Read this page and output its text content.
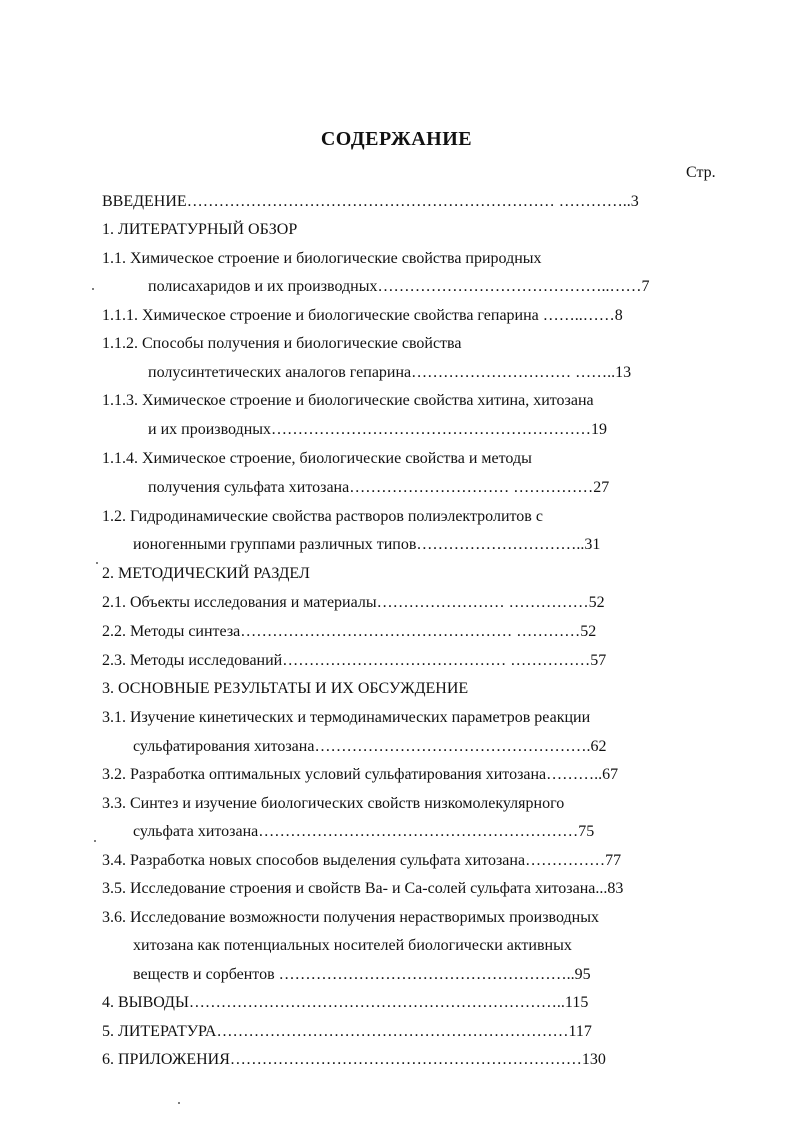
СОДЕРЖАНИЕ
Стр.
ВВЕДЕНИЕ…………………………………………………………… …………..3
1. ЛИТЕРАТУРНЫЙ ОБЗОР
1.1. Химическое строение и биологические свойства природных
полисахаридов и их производных……………………………………..……7
1.1.1. Химическое строение и биологические свойства гепарина ……..……8
1.1.2. Способы получения и биологические свойства
полусинтетических аналогов гепарина………………………… ……..13
1.1.3. Химическое строение и биологические свойства хитина, хитозана
и их производных……………………………………………………19
1.1.4. Химическое строение, биологические свойства и методы
получения сульфата хитозана………………………… ……………27
1.2. Гидродинамические свойства растворов полиэлектролитов с
ионогенными группами различных типов…………………………..31
2. МЕТОДИЧЕСКИЙ РАЗДЕЛ
2.1. Объекты исследования и материалы…………………… ……………52
2.2. Методы синтеза…………………………………………… …………52
2.3. Методы исследований…………………………………… ……………57
3. ОСНОВНЫЕ РЕЗУЛЬТАТЫ И ИХ ОБСУЖДЕНИЕ
3.1. Изучение кинетических и термодинамических параметров реакции
сульфатирования хитозана…………………………………………….62
3.2. Разработка оптимальных условий сульфатирования хитозана………..67
3.3. Синтез и изучение биологических свойств низкомолекулярного
сульфата хитозана……………………………………………………75
3.4. Разработка новых способов выделения сульфата хитозана……………77
3.5. Исследование строения и свойств Ba- и Ca-солей сульфата хитозана...83
3.6. Исследование возможности получения нерастворимых производных
хитозана как потенциальных носителей биологически активных
веществ и сорбентов ………………………………………………..95
4. ВЫВОДЫ……………………………………………………………..115
5. ЛИТЕРАТУРА…………………………………………………………117
6. ПРИЛОЖЕНИЯ…………………………………………………………130
